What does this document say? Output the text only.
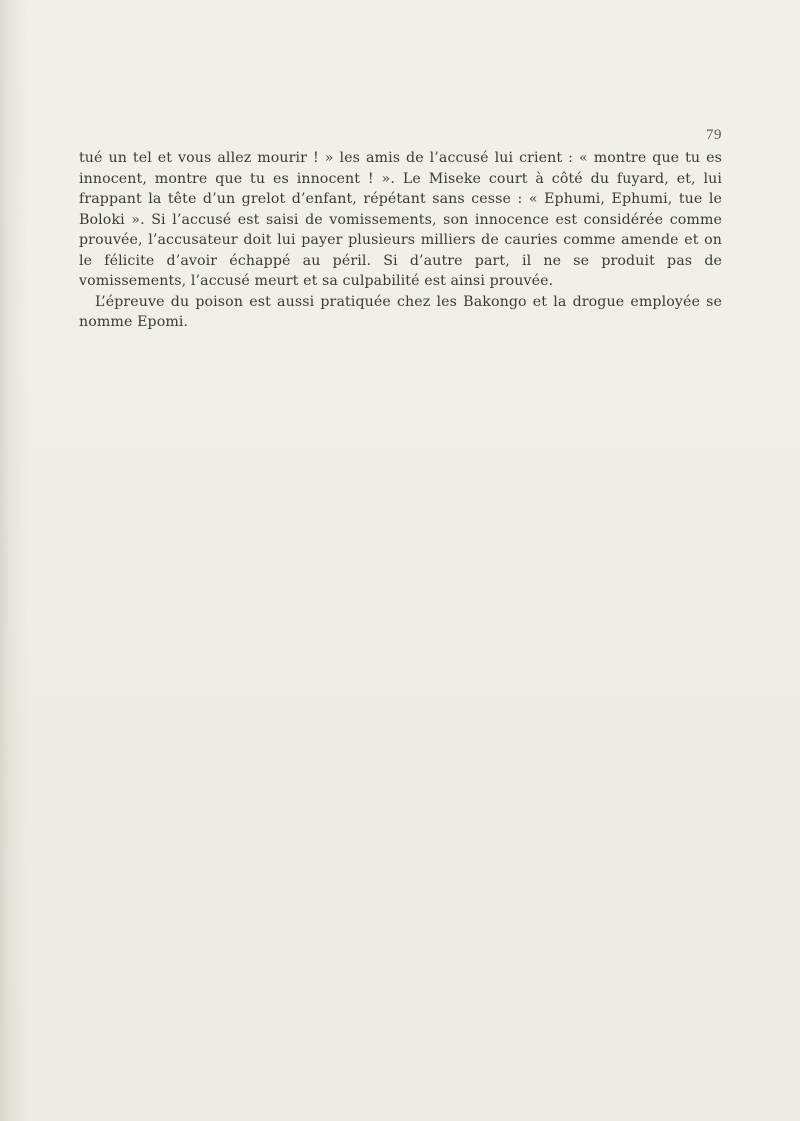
79

tué un tel et vous allez mourir ! » les amis de l’accusé lui crient : « montre que tu es innocent, montre que tu es innocent ! ». Le Miseke court à côté du fuyard, et, lui frappant la tête d’un grelot d’enfant, répétant sans cesse : « Ephumi, Ephumi, tue le Boloki ». Si l’accusé est saisi de vomissements, son innocence est considérée comme prouvée, l’accusateur doit lui payer plusieurs milliers de cauries comme amende et on le félicite d’avoir échappé au péril. Si d’autre part, il ne se produit pas de vomissements, l’accusé meurt et sa culpabilité est ainsi prouvée.

L’épreuve du poison est aussi pratiquée chez les Bakongo et la drogue employée se nomme Epomi.
